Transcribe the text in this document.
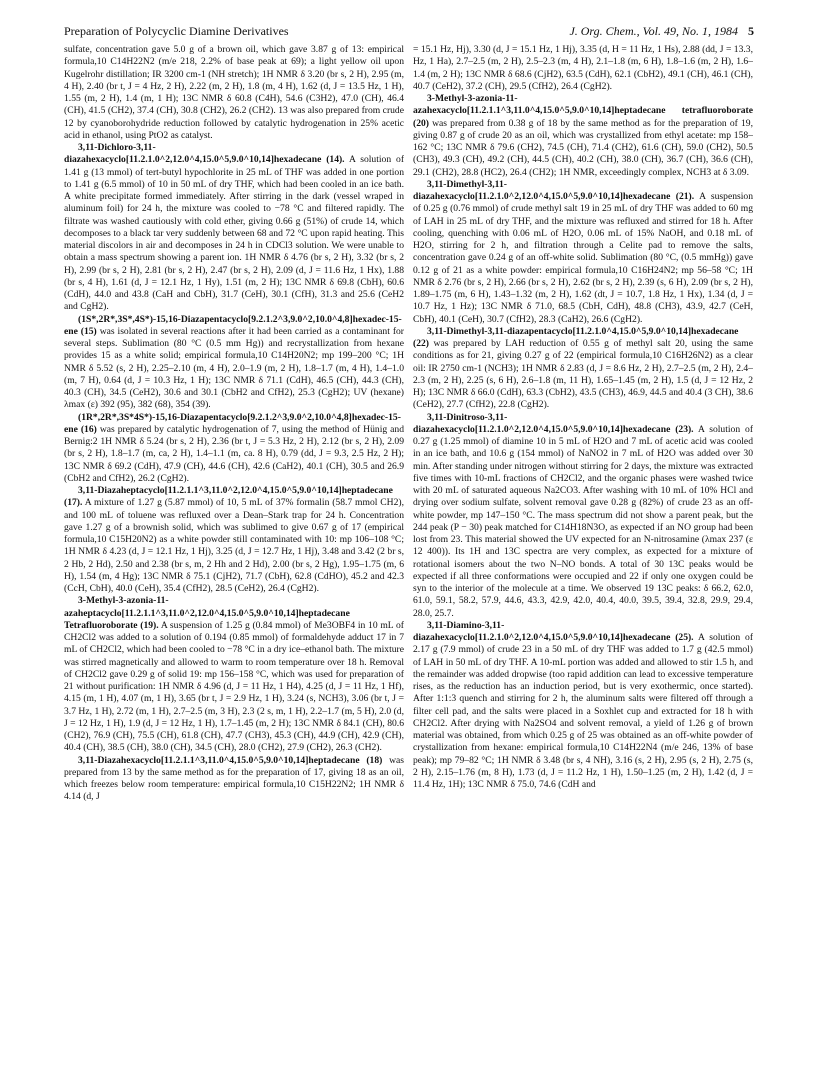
Preparation of Polycyclic Diamine Derivatives	J. Org. Chem., Vol. 49, No. 1, 1984 5

sulfate, concentration gave 5.0 g of a brown oil, which gave 3.87 g of 13: empirical formula,10 C14H22N2 (m/e 218, 2.2% of base peak at 69); a light yellow oil upon Kugelrohr distillation; IR 3200 cm-1 (NH stretch); 1H NMR δ 3.20 (br s, 2 H), 2.95 (m, 4 H), 2.40 (br t, J = 4 Hz, 2 H), 2.22 (m, 2 H), 1.8 (m, 4 H), 1.62 (d, J = 13.5 Hz, 1 H), 1.55 (m, 2 H), 1.4 (m, 1 H); 13C NMR δ 60.8 (C4H), 54.6 (C3H2), 47.0 (CH), 46.4 (CH), 41.5 (CH2), 37.4 (CH), 30.8 (CH2), 26.2 (CH2). 13 was also prepared from crude 12 by cyanoborohydride reduction followed by catalytic hydrogenation in 25% acetic acid in ethanol, using PtO2 as catalyst.

3,11-Dichloro-3,11-diazahexacyclo[11.2.1.0^2,12.0^4,15.0^5,9.0^10,14]hexadecane (14). A solution of 1.41 g (13 mmol) of tert-butyl hypochlorite in 25 mL of THF was added in one portion to 1.41 g (6.5 mmol) of 10 in 50 mL of dry THF, which had been cooled in an ice bath. A white precipitate formed immediately. After stirring in the dark (vessel wraped in aluminum foil) for 24 h, the mixture was cooled to −78 °C and filtered rapidly. The filtrate was washed cautiously with cold ether, giving 0.66 g (51%) of crude 14, which decomposes to a black tar very suddenly between 68 and 72 °C upon rapid heating. This material discolors in air and decomposes in 24 h in CDCl3 solution. We were unable to obtain a mass spectrum showing a parent ion. 1H NMR δ 4.76 (br s, 2 H), 3.32 (br s, 2 H), 2.99 (br s, 2 H), 2.81 (br s, 2 H), 2.47 (br s, 2 H), 2.09 (d, J = 11.6 Hz, 1 Hx), 1.88 (br s, 4 H), 1.61 (d, J = 12.1 Hz, 1 Hy), 1.51 (m, 2 H); 13C NMR δ 69.8 (CbH), 60.6 (CdH), 44.0 and 43.8 (CaH and CbH), 31.7 (CeH), 30.1 (CfH), 31.3 and 25.6 (CeH2 and CgH2).

(1S*,2R*,3S*,4S*)-15,16-Diazapentacyclo[9.2.1.2^3,9.0^2,10.0^4,8]hexadec-15-ene (15) was isolated in several reactions after it had been carried as a contaminant for several steps. Sublimation (80 °C (0.5 mm Hg)) and recrystallization from hexane provides 15 as a white solid; empirical formula,10 C14H20N2; mp 199–200 °C; 1H NMR δ 5.52 (s, 2 H), 2.25–2.10 (m, 4 H), 2.0–1.9 (m, 2 H), 1.8–1.7 (m, 4 H), 1.4–1.0 (m, 7 H), 0.64 (d, J = 10.3 Hz, 1 H); 13C NMR δ 71.1 (CdH), 46.5 (CH), 44.3 (CH), 40.3 (CH), 34.5 (CeH2), 30.6 and 30.1 (CbH2 and CfH2), 25.3 (CgH2); UV (hexane) λmax (ε) 392 (95), 382 (68), 354 (39).

(1R*,2R*,3S*4S*)-15,16-Diazapentacyclo[9.2.1.2^3,9.0^2,10.0^4,8]hexadec-15-ene (16) was prepared by catalytic hydrogenation of 7, using the method of Hünig and Bernig:2 1H NMR δ 5.24 (br s, 2 H), 2.36 (br t, J = 5.3 Hz, 2 H), 2.12 (br s, 2 H), 2.09 (br s, 2 H), 1.8–1.7 (m, ca, 2 H), 1.4–1.1 (m, ca. 8 H), 0.79 (dd, J = 9.3, 2.5 Hz, 2 H); 13C NMR δ 69.2 (CdH), 47.9 (CH), 44.6 (CH), 42.6 (CaH2), 40.1 (CH), 30.5 and 26.9 (CbH2 and CfH2), 26.2 (CgH2).

3,11-Diazaheptacyclo[11.2.1.1^3,11.0^2,12.0^4,15.0^5,9.0^10,14]heptadecane (17). A mixture of 1.27 g (5.87 mmol) of 10, 5 mL of 37% formalin (58.7 mmol CH2), and 100 mL of toluene was refluxed over a Dean–Stark trap for 24 h. Concentration gave 1.27 g of a brownish solid, which was sublimed to give 0.67 g of 17 (empirical formula,10 C15H20N2) as a white powder still contaminated with 10: mp 106–108 °C; 1H NMR δ 4.23 (d, J = 12.1 Hz, 1 Hj), 3.25 (d, J = 12.7 Hz, 1 Hj), 3.48 and 3.42 (2 br s, 2 Hb, 2 Hd), 2.50 and 2.38 (br s, m, 2 Hh and 2 Hd), 2.00 (br s, 2 Hg), 1.95–1.75 (m, 6 H), 1.54 (m, 4 Hg); 13C NMR δ 75.1 (CjH2), 71.7 (CbH), 62.8 (CdHO), 45.2 and 42.3 (CcH, CbH), 40.0 (CeH), 35.4 (CfH2), 28.5 (CeH2), 26.4 (CgH2).

3-Methyl-3-azonia-11-azaheptacyclo[11.2.1.1^3,11.0^2,12.0^4,15.0^5,9.0^10,14]heptadecane Tetrafluoroborate (19). A suspension of 1.25 g (0.84 mmol) of Me3OBF4 in 10 mL of CH2Cl2 was added to a solution of 0.194 (0.85 mmol) of formaldehyde adduct 17 in 7 mL of CH2Cl2, which had been cooled to −78 °C in a dry ice–ethanol bath. The mixture was stirred magnetically and allowed to warm to room temperature over 18 h. Removal of CH2Cl2 gave 0.29 g of solid 19: mp 156–158 °C, which was used for preparation of 21 without purification: 1H NMR δ 4.96 (d, J = 11 Hz, 1 H4), 4.25 (d, J = 11 Hz, 1 Hf), 4.15 (m, 1 H), 4.07 (m, 1 H), 3.65 (br t, J = 2.9 Hz, 1 H), 3.24 (s, NCH3), 3.06 (br t, J = 3.7 Hz, 1 H), 2.72 (m, 1 H), 2.7–2.5 (m, 3 H), 2.3 (2 s, m, 1 H), 2.2–1.7 (m, 5 H), 2.0 (d, J = 12 Hz, 1 H), 1.9 (d, J = 12 Hz, 1 H), 1.7–1.45 (m, 2 H); 13C NMR δ 84.1 (CH), 80.6 (CH2), 76.9 (CH), 75.5 (CH), 61.8 (CH), 47.7 (CH3), 45.3 (CH), 44.9 (CH), 42.9 (CH), 40.4 (CH), 38.5 (CH), 38.0 (CH), 34.5 (CH), 28.0 (CH2), 27.9 (CH2), 26.3 (CH2).

3,11-Diazahexacyclo[11.2.1.1^3,11.0^4,15.0^5,9.0^10,14]heptadecane (18) was prepared from 13 by the same method as for the preparation of 17, giving 18 as an oil, which freezes below room temperature: empirical formula,10 C15H22N2; 1H NMR δ 4.14 (d, J

= 15.1 Hz, Hj), 3.30 (d, J = 15.1 Hz, 1 Hj), 3.35 (d, H = 11 Hz, 1 Hs), 2.88 (dd, J = 13.3, Hz, 1 Ha), 2.7–2.5 (m, 2 H), 2.5–2.3 (m, 4 H), 2.1–1.8 (m, 6 H), 1.8–1.6 (m, 2 H), 1.6–1.4 (m, 2 H); 13C NMR δ 68.6 (CjH2), 63.5 (CdH), 62.1 (CbH2), 49.1 (CH), 46.1 (CH), 40.7 (CeH2), 37.2 (CH), 29.5 (CfH2), 26.4 (CgH2).

3-Methyl-3-azonia-11-azahexacyclo[11.2.1.1^3,11.0^4,15.0^5,9.0^10,14]heptadecane tetrafluoroborate (20) was prepared from 0.38 g of 18 by the same method as for the preparation of 19, giving 0.87 g of crude 20 as an oil, which was crystallized from ethyl acetate: mp 158–162 °C; 13C NMR δ 79.6 (CH2), 74.5 (CH), 71.4 (CH2), 61.6 (CH), 59.0 (CH2), 50.5 (CH3), 49.3 (CH), 49.2 (CH), 44.5 (CH), 40.2 (CH), 38.0 (CH), 36.7 (CH), 36.6 (CH), 29.1 (CH2), 28.8 (HC2), 26.4 (CH2); 1H NMR, exceedingly complex, NCH3 at δ 3.09.

3,11-Dimethyl-3,11-diazahexacyclo[11.2.1.0^2,12.0^4,15.0^5,9.0^10,14]hexadecane (21). A suspension of 0.25 g (0.76 mmol) of crude methyl salt 19 in 25 mL of dry THF was added to 60 mg of LAH in 25 mL of dry THF, and the mixture was refluxed and stirred for 18 h. After cooling, quenching with 0.06 mL of H2O, 0.06 mL of 15% NaOH, and 0.18 mL of H2O, stirring for 2 h, and filtration through a Celite pad to remove the salts, concentration gave 0.24 g of an off-white solid. Sublimation (80 °C, (0.5 mmHg)) gave 0.12 g of 21 as a white powder: empirical formula,10 C16H24N2; mp 56–58 °C; 1H NMR δ 2.76 (br s, 2 H), 2.66 (br s, 2 H), 2.62 (br s, 2 H), 2.39 (s, 6 H), 2.09 (br s, 2 H), 1.89–1.75 (m, 6 H), 1.43–1.32 (m, 2 H), 1.62 (dt, J = 10.7, 1.8 Hz, 1 Hx), 1.34 (d, J = 10.7 Hz, 1 Hz); 13C NMR δ 71.0, 68.5 (CbH, CdH), 48.8 (CH3), 43.9, 42.7 (CeH, CbH), 40.1 (CeH), 30.7 (CfH2), 28.3 (CaH2), 26.6 (CgH2).

3,11-Dimethyl-3,11-diazapentacyclo[11.2.1.0^4,15.0^5,9.0^10,14]hexadecane (22) was prepared by LAH reduction of 0.55 g of methyl salt 20, using the same conditions as for 21, giving 0.27 g of 22 (empirical formula,10 C16H26N2) as a clear oil: IR 2750 cm-1 (NCH3); 1H NMR δ 2.83 (d, J = 8.6 Hz, 2 H), 2.7–2.5 (m, 2 H), 2.4–2.3 (m, 2 H), 2.25 (s, 6 H), 2.6–1.8 (m, 11 H), 1.65–1.45 (m, 2 H), 1.5 (d, J = 12 Hz, 2 H); 13C NMR δ 66.0 (CdH), 63.3 (CbH2), 43.5 (CH3), 46.9, 44.5 and 40.4 (3 CH), 38.6 (CeH2), 27.7 (CfH2), 22.8 (CgH2).

3,11-Dinitroso-3,11-diazahexacyclo[11.2.1.0^2,12.0^4,15.0^5,9.0^10,14]hexadecane (23). A solution of 0.27 g (1.25 mmol) of diamine 10 in 5 mL of H2O and 7 mL of acetic acid was cooled in an ice bath, and 10.6 g (154 mmol) of NaNO2 in 7 mL of H2O was added over 30 min. After standing under nitrogen without stirring for 2 days, the mixture was extracted five times with 10-mL fractions of CH2Cl2, and the organic phases were washed twice with 20 mL of saturated aqueous Na2CO3. After washing with 10 mL of 10% HCl and drying over sodium sulfate, solvent removal gave 0.28 g (82%) of crude 23 as an off-white powder, mp 147–150 °C. The mass spectrum did not show a parent peak, but the 244 peak (P − 30) peak matched for C14H18N3O, as expected if an NO group had been lost from 23. This material showed the UV expected for an N-nitrosamine (λmax 237 (ε 12 400)). Its 1H and 13C spectra are very complex, as expected for a mixture of rotational isomers about the two N–NO bonds. A total of 30 13C peaks would be expected if all three conformations were occupied and 22 if only one oxygen could be syn to the interior of the molecule at a time. We observed 19 13C peaks: δ 66.2, 62.0, 61.0, 59.1, 58.2, 57.9, 44.6, 43.3, 42.9, 42.0, 40.4, 40.0, 39.5, 39.4, 32.8, 29.9, 29.4, 28.0, 25.7.

3,11-Diamino-3,11-diazahexacyclo[11.2.1.0^2,12.0^4,15.0^5,9.0^10,14]hexadecane (25). A solution of 2.17 g (7.9 mmol) of crude 23 in a 50 mL of dry THF was added to 1.7 g (42.5 mmol) of LAH in 50 mL of dry THF. A 10-mL portion was added and allowed to stir 1.5 h, and the remainder was added dropwise (too rapid addition can lead to excessive temperature rises, as the reduction has an induction period, but is very exothermic, once started). After 1:1:3 quench and stirring for 2 h, the aluminum salts were filtered off through a filter cell pad, and the salts were placed in a Soxhlet cup and extracted for 18 h with CH2Cl2. After drying with Na2SO4 and solvent removal, a yield of 1.26 g of brown material was obtained, from which 0.25 g of 25 was obtained as an off-white powder of crystallization from hexane: empirical formula,10 C14H22N4 (m/e 246, 13% of base peak); mp 79–82 °C; 1H NMR δ 3.48 (br s, 4 NH), 3.16 (s, 2 H), 2.95 (s, 2 H), 2.75 (s, 2 H), 2.15–1.76 (m, 8 H), 1.73 (d, J = 11.2 Hz, 1 H), 1.50–1.25 (m, 2 H), 1.42 (d, J = 11.4 Hz, 1H); 13C NMR δ 75.0, 74.6 (CdH and
